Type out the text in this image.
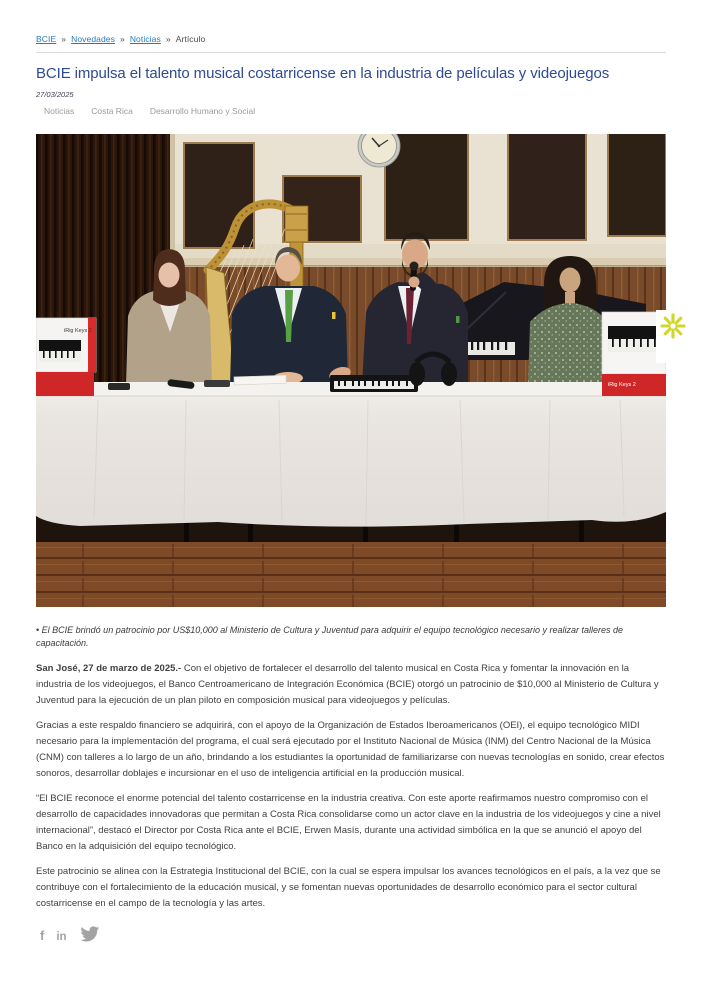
BCIE » Novedades » Noticias » Artículo
BCIE impulsa el talento musical costarricense en la industria de películas y videojuegos
27/03/2025
Noticias Costa Rica Desarrollo Humano y Social
iRig Keys 2
iRig Keys 2

• El BCIE brindó un patrocinio por US$10,000 al Ministerio de Cultura y Juventud para adquirir el equipo tecnológico necesario y realizar talleres de capacitación.

San José, 27 de marzo de 2025.- Con el objetivo de fortalecer el desarrollo del talento musical en Costa Rica y fomentar la innovación en la industria de los videojuegos, el Banco Centroamericano de Integración Económica (BCIE) otorgó un patrocinio de $10,000 al Ministerio de Cultura y Juventud para la ejecución de un plan piloto en composición musical para videojuegos y películas.

Gracias a este respaldo financiero se adquirirá, con el apoyo de la Organización de Estados Iberoamericanos (OEI), el equipo tecnológico MIDI necesario para la implementación del programa, el cual será ejecutado por el Instituto Nacional de Música (INM) del Centro Nacional de la Música (CNM) con talleres a lo largo de un año, brindando a los estudiantes la oportunidad de familiarizarse con nuevas tecnologías en sonido, crear efectos sonoros, desarrollar doblajes e incursionar en el uso de inteligencia artificial en la producción musical.

“El BCIE reconoce el enorme potencial del talento costarricense en la industria creativa. Con este aporte reafirmamos nuestro compromiso con el desarrollo de capacidades innovadoras que permitan a Costa Rica consolidarse como un actor clave en la industria de los videojuegos y cine a nivel internacional”, destacó el Director por Costa Rica ante el BCIE, Erwen Masís, durante una actividad simbólica en la que se anunció el apoyo del Banco en la adquisición del equipo tecnológico.

Este patrocinio se alinea con la Estrategia Institucional del BCIE, con la cual se espera impulsar los avances tecnológicos en el país, a la vez que se contribuye con el fortalecimiento de la educación musical, y se fomentan nuevas oportunidades de desarrollo económico para el sector cultural costarricense en el campo de la tecnología y las artes.

f in
